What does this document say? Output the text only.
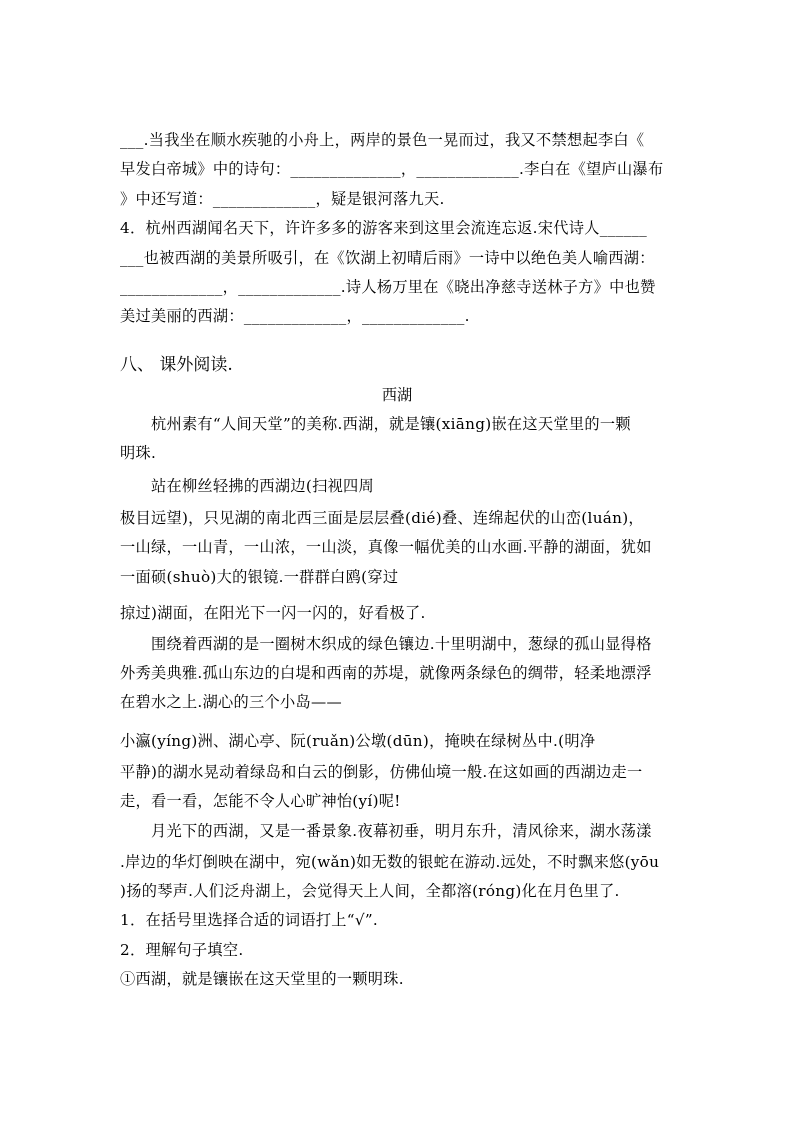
___.当我坐在顺水疾驰的小舟上，两岸的景色一晃而过，我又不禁想起李白《
早发白帝城》中的诗句：______________，_____________.李白在《望庐山瀑布
》中还写道：_____________，疑是银河落九天.
4．杭州西湖闻名天下，许许多多的游客来到这里会流连忘返.宋代诗人______
___也被西湖的美景所吸引，在《饮湖上初晴后雨》一诗中以绝色美人喻西湖：
_____________，_____________.诗人杨万里在《晓出净慈寺送林子方》中也赞
美过美丽的西湖：_____________，_____________.
八、 课外阅读.
西湖
　　杭州素有“人间天堂”的美称.西湖，就是镶(xiāng)嵌在这天堂里的一颗
明珠.
　　站在柳丝轻拂的西湖边(扫视四周
极目远望)，只见湖的南北西三面是层层叠(dié)叠、连绵起伏的山峦(luán)，
一山绿，一山青，一山浓，一山淡，真像一幅优美的山水画.平静的湖面，犹如
一面硕(shuò)大的银镜.一群群白鸥(穿过
掠过)湖面，在阳光下一闪一闪的，好看极了.
　　围绕着西湖的是一圈树木织成的绿色镶边.十里明湖中，葱绿的孤山显得格
外秀美典雅.孤山东边的白堤和西南的苏堤，就像两条绿色的绸带，轻柔地漂浮
在碧水之上.湖心的三个小岛——
小瀛(yíng)洲、湖心亭、阮(ruǎn)公墩(dūn)，掩映在绿树丛中.(明净
平静)的湖水晃动着绿岛和白云的倒影，仿佛仙境一般.在这如画的西湖边走一
走，看一看，怎能不令人心旷神怡(yí)呢!
　　月光下的西湖，又是一番景象.夜幕初垂，明月东升，清风徐来，湖水荡漾
.岸边的华灯倒映在湖中，宛(wǎn)如无数的银蛇在游动.远处，不时飘来悠(yōu
)扬的琴声.人们泛舟湖上，会觉得天上人间，全都溶(róng)化在月色里了.
1．在括号里选择合适的词语打上“√”.
2．理解句子填空.
①西湖，就是镶嵌在这天堂里的一颗明珠.
